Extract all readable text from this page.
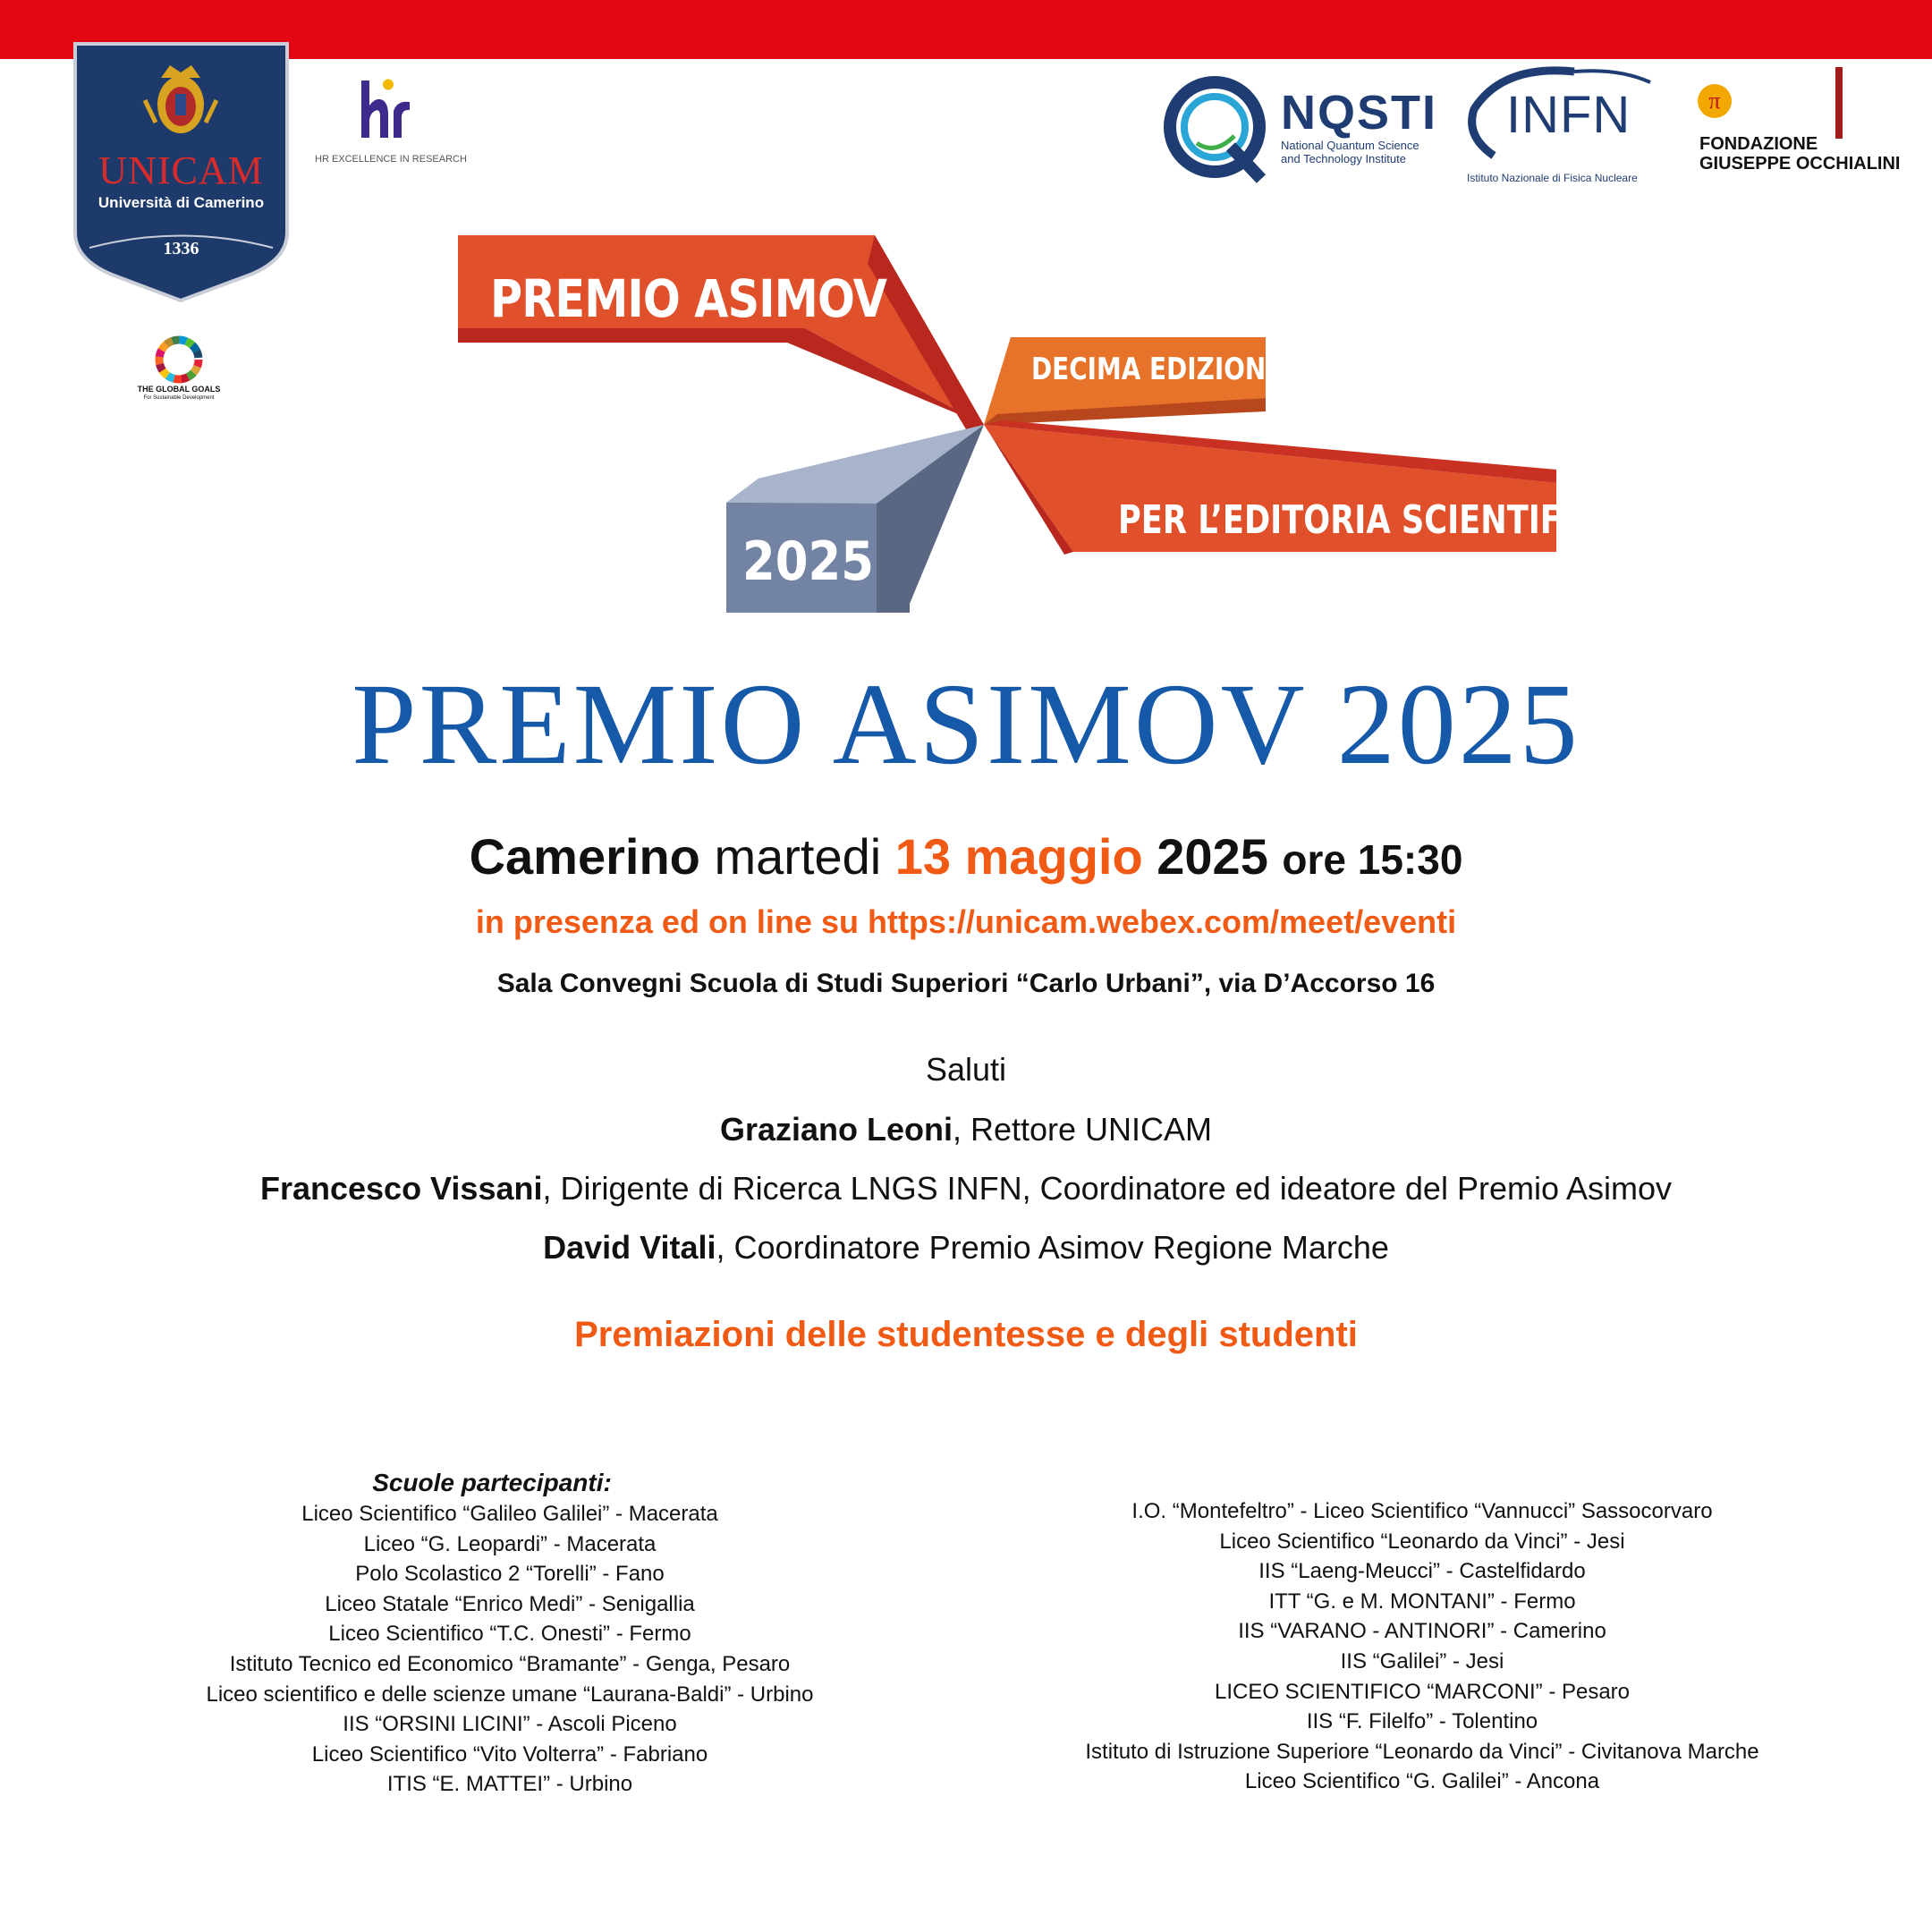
UNICAM
Università di Camerino
1336
HR EXCELLENCE IN RESEARCH
THE GLOBAL GOALS
For Sustainable Development
NQSTI
National Quantum Science
and Technology Institute
INFN
Istituto Nazionale di Fisica Nucleare
π
FONDAZIONE
GIUSEPPE OCCHIALINI
PREMIO ASIMOV
DECIMA EDIZIONE
PER L’EDITORIA SCIENTIFICA
2025
PREMIO ASIMOV 2025
Camerino martedi 13 maggio 2025 ore 15:30
in presenza ed on line su https://unicam.webex.com/meet/eventi
Sala Convegni Scuola di Studi Superiori “Carlo Urbani”, via D’Accorso 16
Saluti
Graziano Leoni, Rettore UNICAM
Francesco Vissani, Dirigente di Ricerca LNGS INFN, Coordinatore ed ideatore del Premio Asimov
David Vitali, Coordinatore Premio Asimov Regione Marche
Premiazioni delle studentesse e degli studenti
Scuole partecipanti:
Liceo Scientifico “Galileo Galilei” - Macerata
Liceo “G. Leopardi” - Macerata
Polo Scolastico 2 “Torelli” - Fano
Liceo Statale “Enrico Medi” - Senigallia
Liceo Scientifico “T.C. Onesti” - Fermo
Istituto Tecnico ed Economico “Bramante” - Genga, Pesaro
Liceo scientifico e delle scienze umane “Laurana-Baldi” - Urbino
IIS “ORSINI LICINI” - Ascoli Piceno
Liceo Scientifico “Vito Volterra” - Fabriano
ITIS “E. MATTEI” - Urbino
I.O. “Montefeltro” - Liceo Scientifico “Vannucci” Sassocorvaro
Liceo Scientifico “Leonardo da Vinci” - Jesi
IIS “Laeng-Meucci” - Castelfidardo
ITT “G. e M. MONTANI” - Fermo
IIS “VARANO - ANTINORI” - Camerino
IIS “Galilei” - Jesi
LICEO SCIENTIFICO “MARCONI” - Pesaro
IIS “F. Filelfo” - Tolentino
Istituto di Istruzione Superiore “Leonardo da Vinci” - Civitanova Marche
Liceo Scientifico “G. Galilei” - Ancona
